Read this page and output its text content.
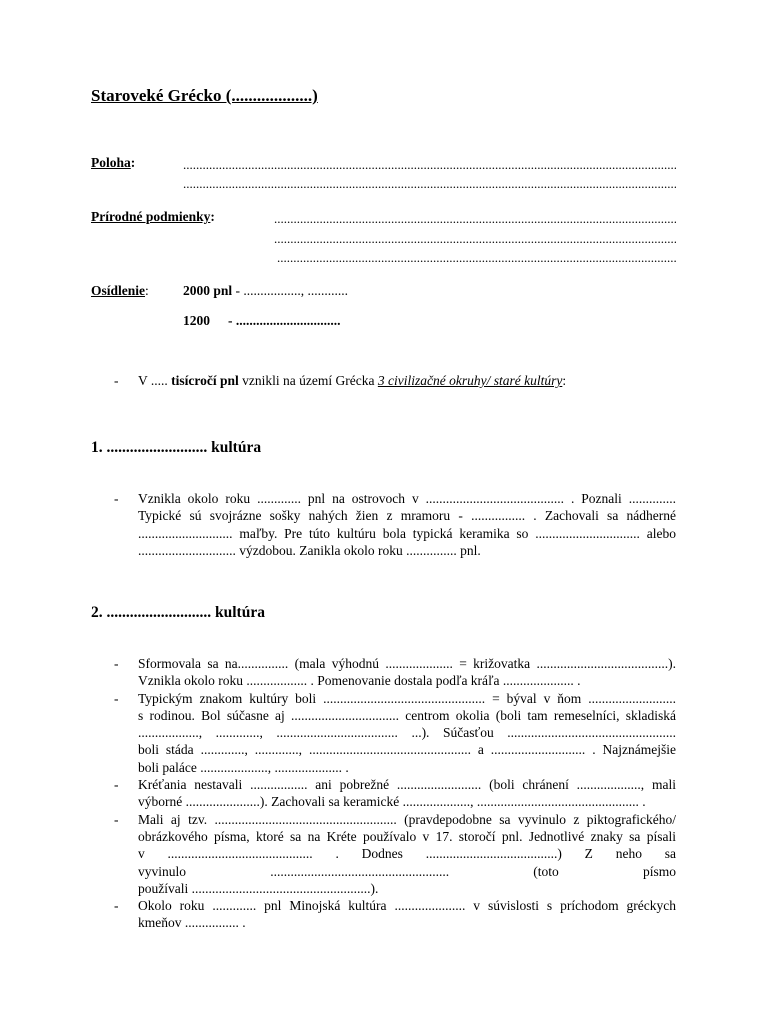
Staroveké Grécko (...................)
Poloha:
.....
.....
Prírodné podmienky:
.....
.....
.....
Osídlenie:	2000 pnl - ................., ............
1200 - ...............................
- V ..... tisícročí pnl vznikli na území Grécka 3 civilizačné okruhy/ staré kultúry:
1. .......................... kultúra
- Vznikla okolo roku ............. pnl na ostrovoch v ......................................... . Poznali ..............
Typické sú svojrázne sošky nahých žien z mramoru - ................ . Zachovali sa nádherné
............................ maľby. Pre túto kultúru bola typická keramika so ............................... alebo
............................. výzdobou. Zanikla okolo roku ............... pnl.
2. ........................... kultúra
- Sformovala sa na............... (mala výhodnú .................... = križovatka .......................................).
Vznikla okolo roku .................. . Pomenovanie dostala podľa kráľa ..................... .
- Typickým znakom kultúry boli ................................................ = býval v ňom ..........................
s rodinou. Bol súčasne aj ................................ centrom okolia (boli tam remeselníci, skladiská
.................., ............., .................................... ...). Súčasťou ..................................................
boli stáda ............., ............., ................................................ a ............................ . Najznámejšie
boli paláce ...................., .................... .
- Kréťania nestavali ................. ani pobrežné ......................... (boli chránení ..................., mali
výborné ......................). Zachovali sa keramické ...................., ................................................ .
- Mali aj tzv. ...................................................... (pravdepodobne sa vyvinulo z piktografického/
obrázkového písma, ktoré sa na Kréte používalo v 17. storočí pnl. Jednotlivé znaky sa písali
v ........................................... . Dodnes .......................................) Z neho sa
vyvinulo ..................................................... (toto písmo
používali .....................................................).
- Okolo roku ............. pnl Minojská kultúra ..................... v súvislosti s príchodom gréckych
kmeňov ................ .
